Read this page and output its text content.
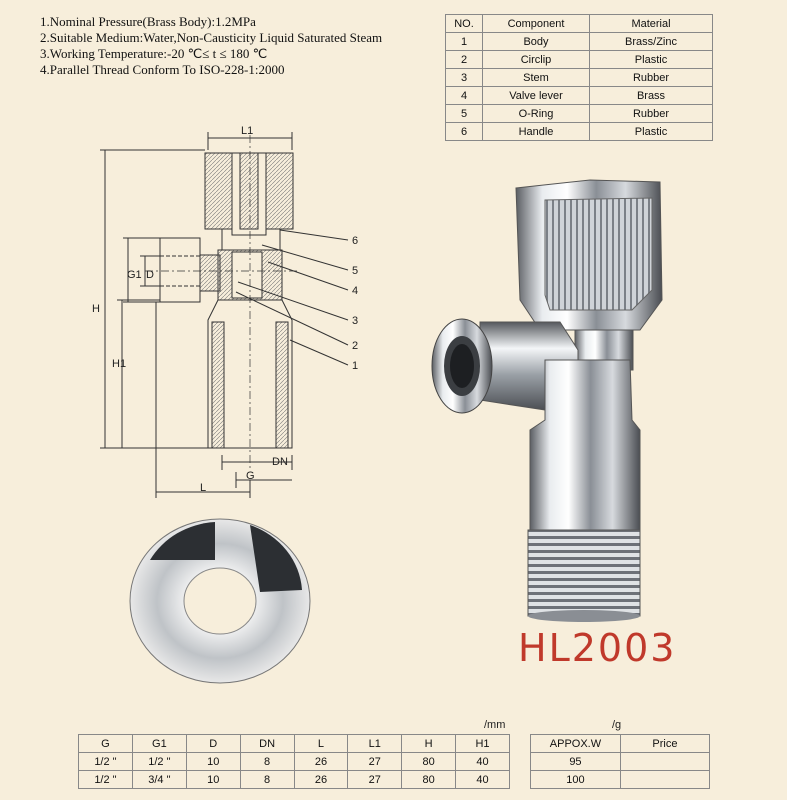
1.Nominal Pressure(Brass Body):1.2MPa
2.Suitable Medium:Water,Non-Causticity Liquid Saturated Steam
3.Working Temperature:-20 ℃≤ t ≤ 180 ℃
4.Parallel Thread Conform To ISO-228-1:2000
NO.	Component	Material
1	Body	Brass/Zinc
2	Circlip	Plastic
3	Stem	Rubber
4	Valve lever	Brass
5	O-Ring	Rubber
6	Handle	Plastic
L1
G1 D
H
H1
DN
G
L
6
5
4
3
2
1
HL2003
/mm	/g
G	G1	D	DN	L	L1	H	H1
1/2 "	1/2 "	10	8	26	27	80	40
1/2 "	3/4 "	10	8	26	27	80	40
APPOX.W	Price
95	
100	
